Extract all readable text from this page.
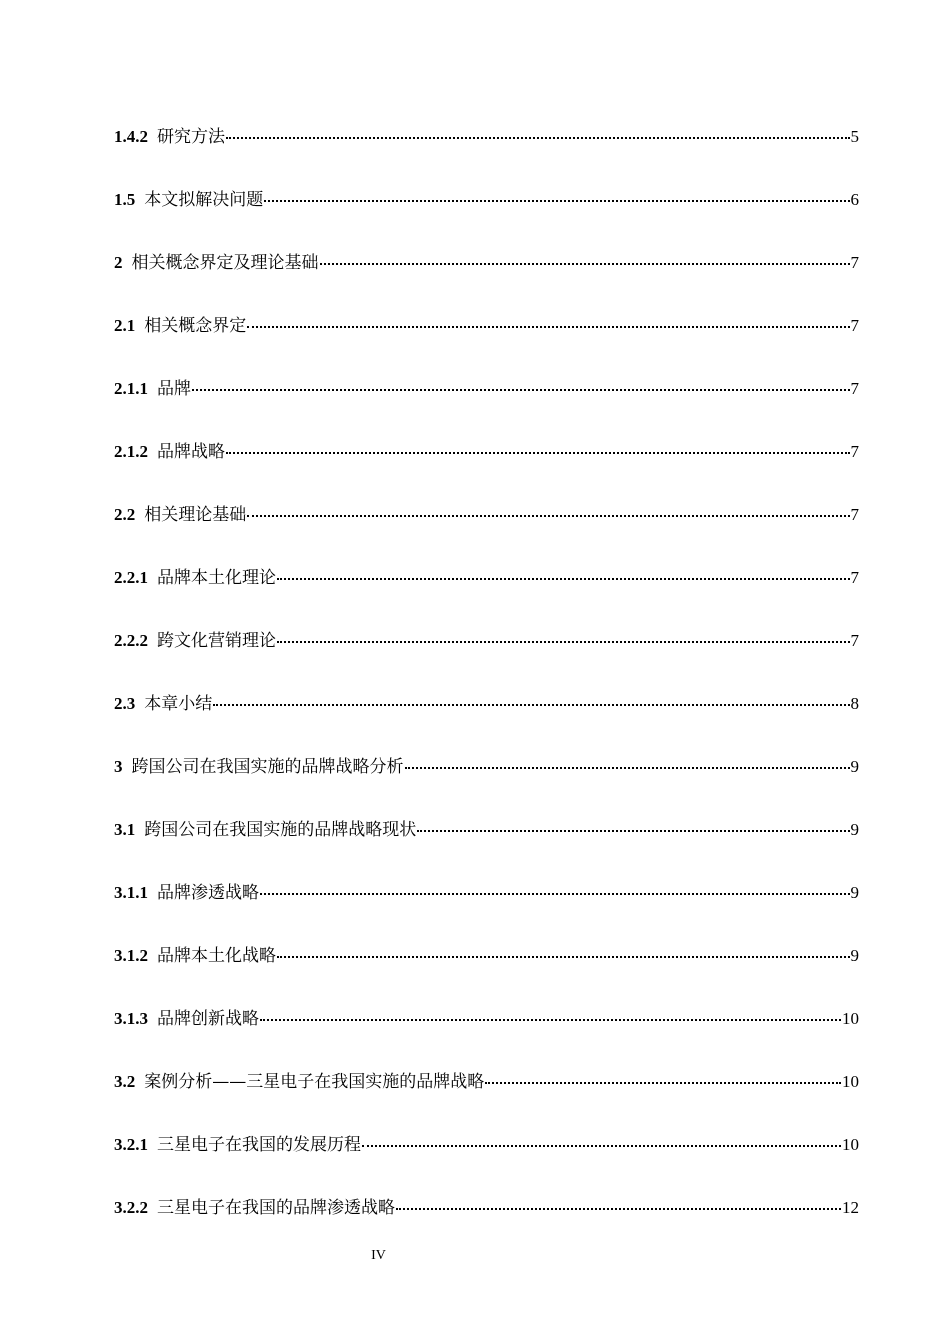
1.4.2 研究方法	5
1.5 本文拟解决问题	6
2 相关概念界定及理论基础	7
2.1 相关概念界定	7
2.1.1 品牌	7
2.1.2 品牌战略	7
2.2 相关理论基础	7
2.2.1 品牌本土化理论	7
2.2.2 跨文化营销理论	7
2.3 本章小结	8
3 跨国公司在我国实施的品牌战略分析	9
3.1 跨国公司在我国实施的品牌战略现状	9
3.1.1 品牌渗透战略	9
3.1.2 品牌本土化战略	9
3.1.3 品牌创新战略	10
3.2 案例分析——三星电子在我国实施的品牌战略	10
3.2.1 三星电子在我国的发展历程	10
3.2.2 三星电子在我国的品牌渗透战略	12
IV
